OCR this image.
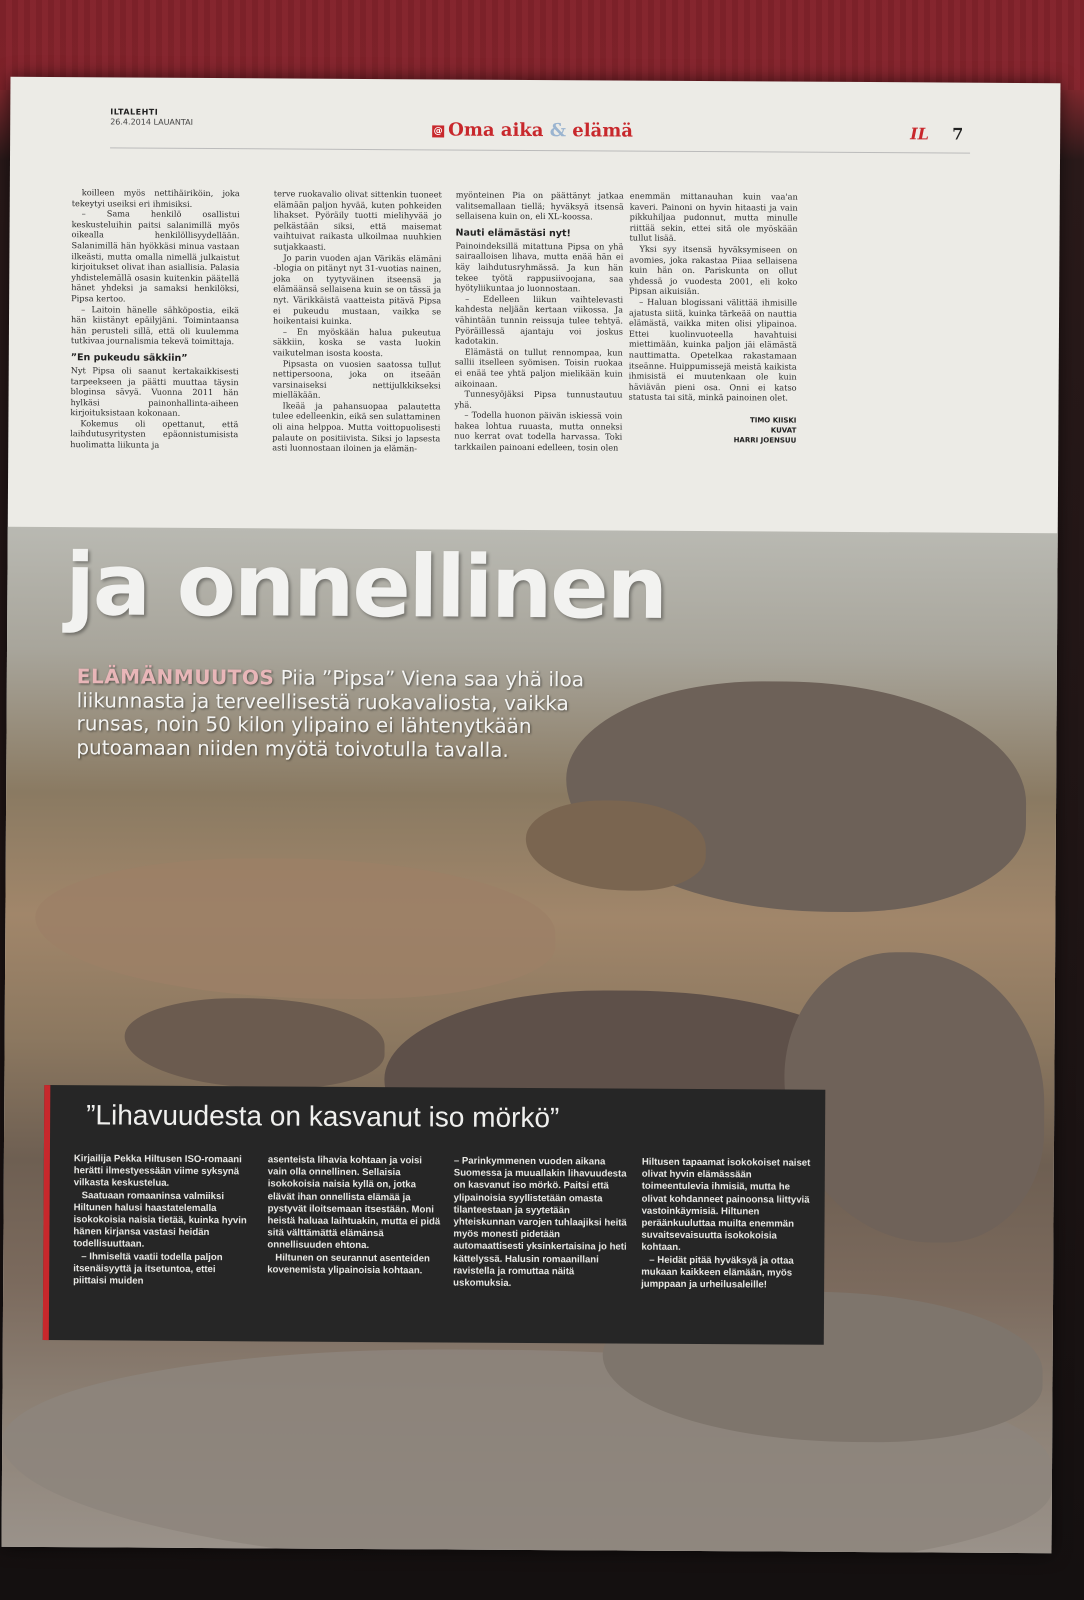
ILTALEHTI
26.4.2014 LAUANTAI
@ Oma aika & elämä	IL 7

koilleen myös nettihäiriköin, joka tekeytyi useiksi eri ihmisiksi.

– Sama henkilö osallistui keskusteluihin paitsi salanimillä myös oikealla henkilöllisyydellään. Salanimillä hän hyökkäsi minua vastaan ilkeästi, mutta omalla nimellä julkaistut kirjoitukset olivat ihan asiallisia. Palasia yhdistelemällä osasin kuitenkin päätellä hänet yhdeksi ja samaksi henkilöksi, Pipsa kertoo.

– Laitoin hänelle sähköpostia, eikä hän kiistänyt epäilyjäni. Toimintaansa hän perusteli sillä, että oli kuulemma tutkivaa journalismia tekevä toimittaja.

”En pukeudu säkkiin”

Nyt Pipsa oli saanut kertakaikkisesti tarpeekseen ja päätti muuttaa täysin bloginsa sävyä. Vuonna 2011 hän hylkäsi painonhallinta-aiheen kirjoituksistaan kokonaan.

Kokemus oli opettanut, että laihdutusyritysten epäonnistumisista huolimatta liikunta ja

terve ruokavalio olivat sittenkin tuoneet elämään paljon hyvää, kuten pohkeiden lihakset. Pyöräily tuotti mielihyvää jo pelkästään siksi, että maisemat vaihtuivat raikasta ulkoilmaa nuuhkien sutjakkaasti.

Jo parin vuoden ajan Värikäs elämäni -blogia on pitänyt nyt 31-vuotias nainen, joka on tyytyväinen itseensä ja elämäänsä sellaisena kuin se on tässä ja nyt. Värikkäistä vaatteista pitävä Pipsa ei pukeudu mustaan, vaikka se hoikentaisi kuinka.

– En myöskään halua pukeutua säkkiin, koska se vasta luokin vaikutelman isosta koosta.

Pipsasta on vuosien saatossa tullut nettipersoona, joka on itseään varsinaiseksi nettijulkkikseksi mielläkään.

Ikeää ja pahansuopaa palautetta tulee edelleenkin, eikä sen sulattaminen oli aina helppoa. Mutta voittopuolisesti palaute on positiivista. Siksi jo lapsesta asti luonnostaan iloinen ja elämän-

myönteinen Pia on päättänyt jatkaa valitsemallaan tiellä; hyväksyä itsensä sellaisena kuin on, eli XL-koossa.

Nauti elämästäsi nyt!

Painoindeksillä mitattuna Pipsa on yhä sairaalloisen lihava, mutta enää hän ei käy laihdutusryhmässä. Ja kun hän tekee työtä rappusiivoojana, saa hyötyliikuntaa jo luonnostaan.

– Edelleen liikun vaihtelevasti kahdesta neljään kertaan viikossa. Ja vähintään tunnin reissuja tulee tehtyä. Pyöräillessä ajantaju voi joskus kadotakin.

Elämästä on tullut rennompaa, kun sallii itselleen syömisen. Toisin ruokaa ei enää tee yhtä paljon mielikään kuin aikoinaan.

Tunnesyöjäksi Pipsa tunnustautuu yhä.

– Todella huonon päivän iskiessä voin hakea lohtua ruuasta, mutta onneksi nuo kerrat ovat todella harvassa. Toki tarkkailen painoani edelleen, tosin olen

enemmän mittanauhan kuin vaa'an kaveri. Painoni on hyvin hitaasti ja vain pikkuhiljaa pudonnut, mutta minulle riittää sekin, ettei sitä ole myöskään tullut lisää.

Yksi syy itsensä hyväksymiseen on avomies, joka rakastaa Piiaa sellaisena kuin hän on. Pariskunta on ollut yhdessä jo vuodesta 2001, eli koko Pipsan aikuisiän.

– Haluan blogissani välittää ihmisille ajatusta siitä, kuinka tärkeää on nauttia elämästä, vaikka miten olisi ylipainoa. Ettei kuolinvuoteella havahtuisi miettimään, kuinka paljon jäi elämästä nauttimatta. Opetelkaa rakastamaan itseänne. Huippumissejä meistä kaikista ihmisistä ei muutenkaan ole kuin häviävän pieni osa. Onni ei katso statusta tai sitä, minkä painoinen olet.

TIMO KIISKI
KUVAT
HARRI JOENSUU
ja onnellinen
ELÄMÄNMUUTOS Piia ”Pipsa” Viena saa yhä iloa
liikunnasta ja terveellisestä ruokavaliosta, vaikka
runsas, noin 50 kilon ylipaino ei lähtenytkään
putoamaan niiden myötä toivotulla tavalla.
”Lihavuudesta on kasvanut iso mörkö”

Kirjailija Pekka Hiltusen ISO-romaani herätti ilmestyessään viime syksynä vilkasta keskustelua.

Saatuaan romaaninsa valmiiksi Hiltunen halusi haastatelemalla isokokoisia naisia tietää, kuinka hyvin hänen kirjansa vastasi heidän todellisuuttaan.

– Ihmiseltä vaatii todella paljon itsenäisyyttä ja itsetuntoa, ettei piittaisi muiden

asenteista lihavia kohtaan ja voisi vain olla onnellinen. Sellaisia isokokoisia naisia kyllä on, jotka elävät ihan onnellista elämää ja pystyvät iloitsemaan itsestään. Moni heistä haluaa laihtuakin, mutta ei pidä sitä välttämättä elämänsä onnellisuuden ehtona.

Hiltunen on seurannut asenteiden kovenemista ylipainoisia kohtaan.

– Parinkymmenen vuoden aikana Suomessa ja muuallakin lihavuudesta on kasvanut iso mörkö. Paitsi että ylipainoisia syyllistetään omasta tilanteestaan ja syytetään yhteiskunnan varojen tuhlaajiksi heitä myös monesti pidetään automaattisesti yksinkertaisina jo heti kättelyssä. Halusin romaanillani ravistella ja romuttaa näitä uskomuksia.

Hiltusen tapaamat isokokoiset naiset olivat hyvin elämässään toimeentulevia ihmisiä, mutta he olivat kohdanneet painoonsa liittyviä vastoinkäymisiä. Hiltunen peräänkuuluttaa muilta enemmän suvaitsevaisuutta isokokoisia kohtaan.

– Heidät pitää hyväksyä ja ottaa mukaan kaikkeen elämään, myös jumppaan ja urheilusaleille!
